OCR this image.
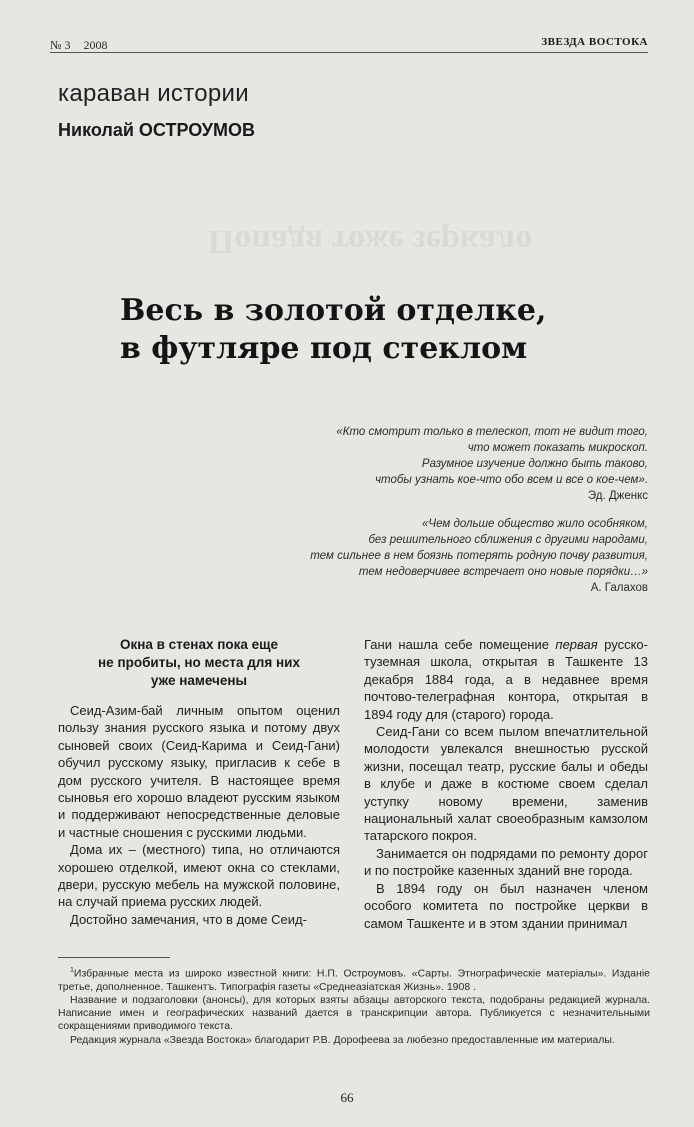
№ 3 2008	ЗВЕЗДА ВОСТОКА
караван истории
Николай ОСТРОУМОВ
Попадя тоже зеркало
Весь в золотой отделке,
в футляре под стеклом
«Кто смотрит только в телескоп, тот не видит того,
что может показать микроскоп.
Разумное изучение должно быть таково,
чтобы узнать кое-что обо всем и все о кое-чем».
Эд. Дженкс
«Чем дольше общество жило особняком,
без решительного сближения с другими народами,
тем сильнее в нем боязнь потерять родную почву развития,
тем недоверчивее встречает оно новые порядки…»
А. Галахов
Окна в стенах пока еще
не пробиты, но места для них
уже намечены

Сеид-Азим-бай личным опытом оценил пользу знания русского языка и потому двух сыновей своих (Сеид-Карима и Сеид-Гани) обучил русскому языку, пригласив к себе в дом русского учителя. В настоящее время сыновья его хорошо владеют русским языком и поддерживают непосредственные деловые и частные сношения с русскими людьми.

Дома их – (местного) типа, но отличаются хорошею отделкой, имеют окна со стеклами, двери, русскую мебель на мужской половине, на случай приема русских людей.

Достойно замечания, что в доме Сеид-

Гани нашла себе помещение первая русско-туземная школа, открытая в Ташкенте 13 декабря 1884 года, а в недавнее время почтово-телеграфная контора, открытая в 1894 году для (старого) города.

Сеид-Гани со всем пылом впечатлительной молодости увлекался внешностью русской жизни, посещал театр, русские балы и обеды в клубе и даже в костюме своем сделал уступку новому времени, заменив национальный халат своеобразным камзолом татарского покроя.

Занимается он подрядами по ремонту дорог и по постройке казенных зданий вне города.

В 1894 году он был назначен членом особого комитета по постройке церкви в самом Ташкенте и в этом здании принимал

$^1$Избранные места из широко известной книги: Н.П. Остроумовъ. «Сарты. Этнографическіе матеріалы». Изданіе третье, дополненное. Ташкентъ. Типографія газеты «Среднеазіатская Жизнь». 1908 .

Название и подзаголовки (анонсы), для которых взяты абзацы авторского текста, подобраны редакцией журнала. Написание имен и географических названий дается в транскрипции автора. Публикуется с незначительными сокращениями приводимого текста.

Редакция журнала «Звезда Востока» благодарит Р.В. Дорофеева за любезно предоставленные им материалы.

66
